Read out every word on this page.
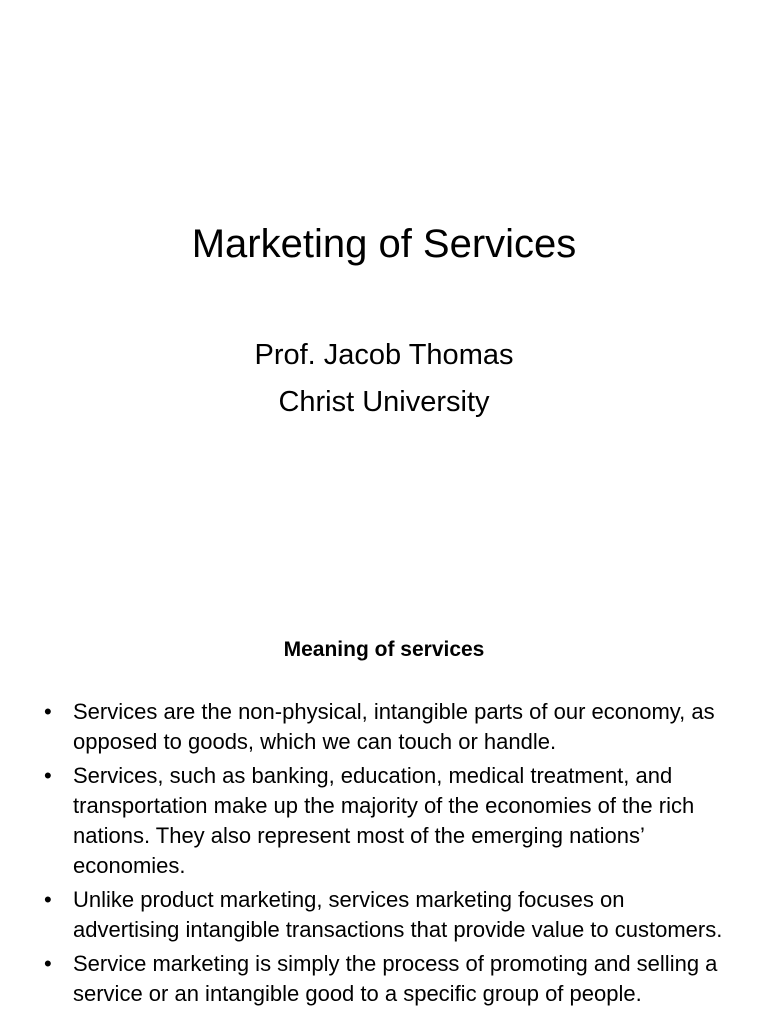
Marketing of Services
Prof. Jacob Thomas
Christ University
Meaning of services
• Services are the non-physical, intangible parts of our economy, as opposed to goods, which we can touch or handle.
• Services, such as banking, education, medical treatment, and transportation make up the majority of the economies of the rich nations. They also represent most of the emerging nations’ economies.
• Unlike product marketing, services marketing focuses on advertising intangible transactions that provide value to customers.
• Service marketing is simply the process of promoting and selling a service or an intangible good to a specific group of people.
